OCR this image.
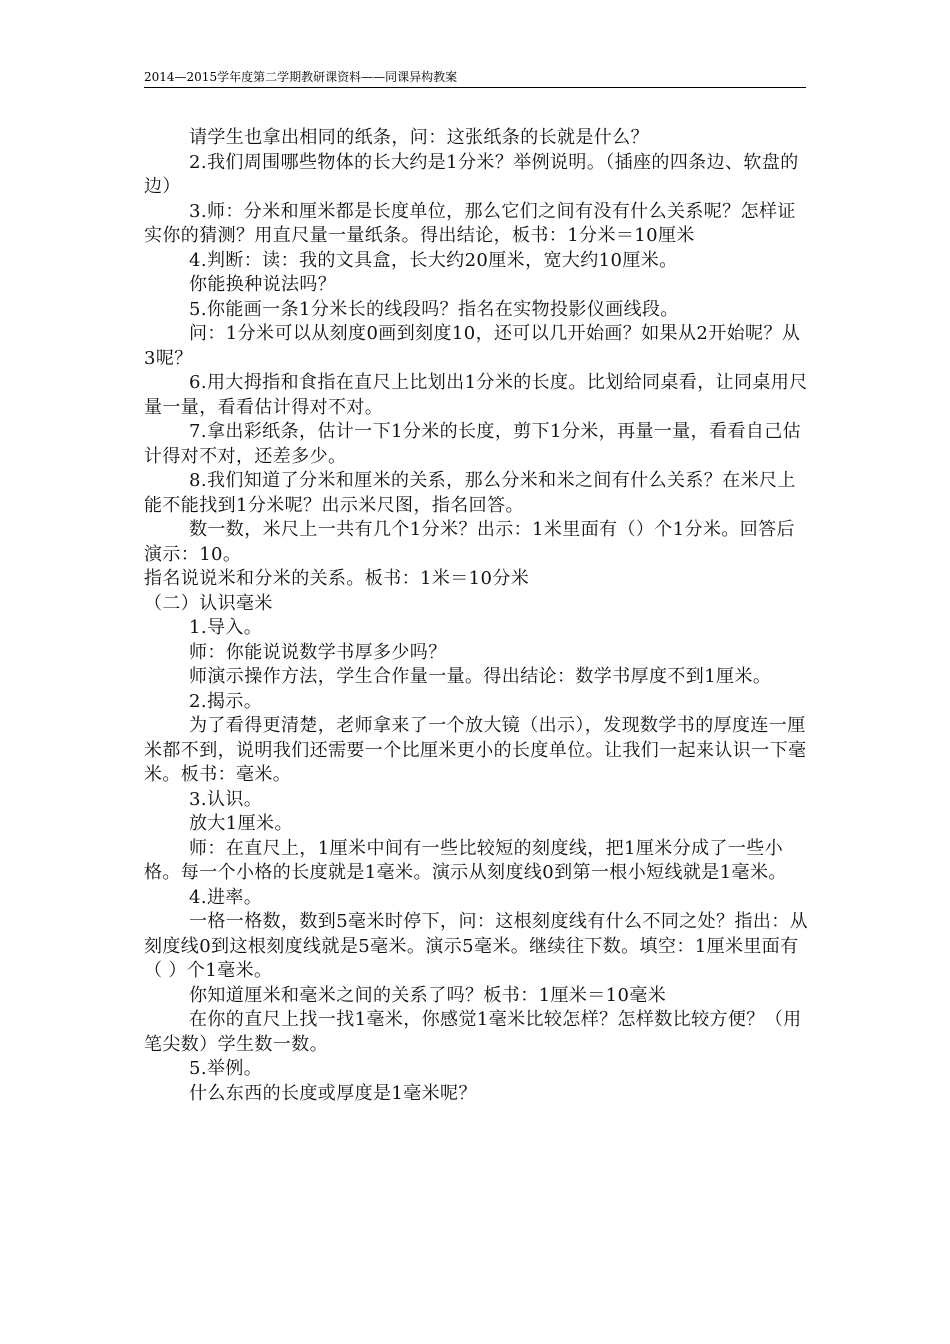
2014—2015学年度第二学期教研课资料——同课异构教案

请学生也拿出相同的纸条，问：这张纸条的长就是什么？

2.我们周围哪些物体的长大约是1分米？举例说明。（插座的四条边、软盘的边）

3.师：分米和厘米都是长度单位，那么它们之间有没有什么关系呢？怎样证实你的猜测？用直尺量一量纸条。得出结论，板书：1分米＝10厘米

4.判断：读：我的文具盒，长大约20厘米，宽大约10厘米。

你能换种说法吗？

5.你能画一条1分米长的线段吗？指名在实物投影仪画线段。

问：1分米可以从刻度0画到刻度10，还可以几开始画？如果从2开始呢？从3呢？

6.用大拇指和食指在直尺上比划出1分米的长度。比划给同桌看，让同桌用尺量一量，看看估计得对不对。

7.拿出彩纸条，估计一下1分米的长度，剪下1分米，再量一量，看看自己估计得对不对，还差多少。

8.我们知道了分米和厘米的关系，那么分米和米之间有什么关系？在米尺上能不能找到1分米呢？出示米尺图，指名回答。

数一数，米尺上一共有几个1分米？出示：1米里面有（）个1分米。回答后演示：10。

指名说说米和分米的关系。板书：1米＝10分米

（二）认识毫米

1.导入。

师：你能说说数学书厚多少吗？

师演示操作方法，学生合作量一量。得出结论：数学书厚度不到1厘米。

2.揭示。

为了看得更清楚，老师拿来了一个放大镜（出示），发现数学书的厚度连一厘米都不到，说明我们还需要一个比厘米更小的长度单位。让我们一起来认识一下毫米。板书：毫米。

3.认识。

放大1厘米。

师：在直尺上，1厘米中间有一些比较短的刻度线，把1厘米分成了一些小格。每一个小格的长度就是1毫米。演示从刻度线0到第一根小短线就是1毫米。

4.进率。

一格一格数，数到5毫米时停下，问：这根刻度线有什么不同之处？指出：从刻度线0到这根刻度线就是5毫米。演示5毫米。继续往下数。填空：1厘米里面有（ ）个1毫米。

你知道厘米和毫米之间的关系了吗？板书：1厘米＝10毫米

在你的直尺上找一找1毫米，你感觉1毫米比较怎样？怎样数比较方便？（用笔尖数）学生数一数。

5.举例。

什么东西的长度或厚度是1毫米呢？
